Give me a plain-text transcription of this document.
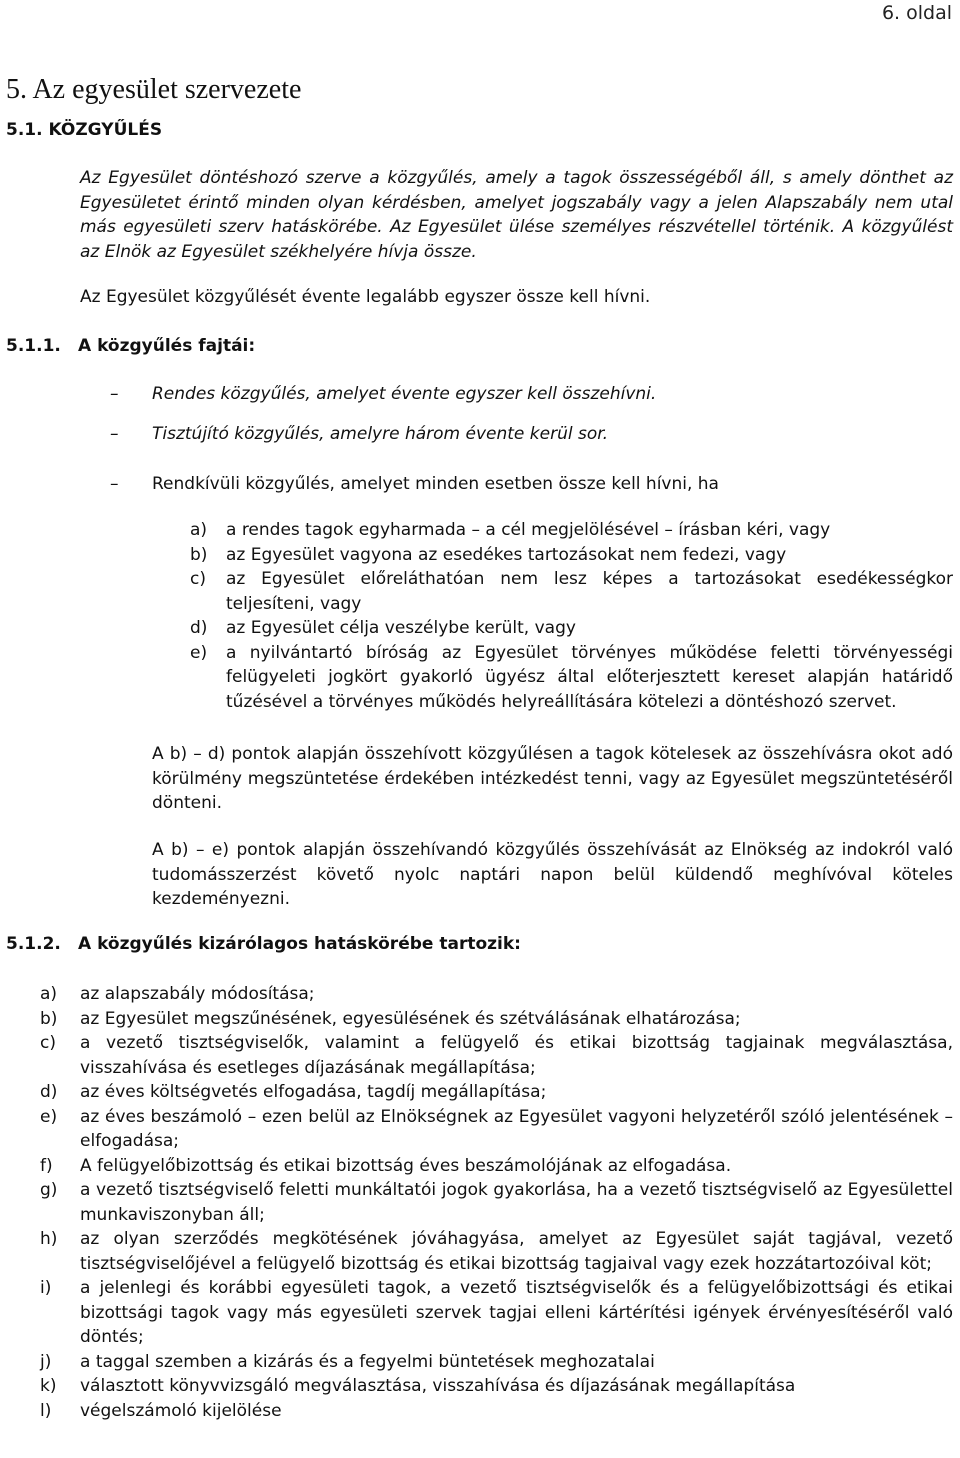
6. oldal
5. Az egyesület szervezete
5.1. KÖZGYŰLÉS

Az Egyesület döntéshozó szerve a közgyűlés, amely a tagok összességéből áll, s amely dönthet az Egyesületet érintő minden olyan kérdésben, amelyet jogszabály vagy a jelen Alapszabály nem utal más egyesületi szerv hatáskörébe. Az Egyesület ülése személyes részvétellel történik. A közgyűlést az Elnök az Egyesület székhelyére hívja össze.

Az Egyesület közgyűlését évente legalább egyszer össze kell hívni.

5.1.1. A közgyűlés fajtái:
–	Rendes közgyűlés, amelyet évente egyszer kell összehívni.
–	Tisztújító közgyűlés, amelyre három évente kerül sor.
–	Rendkívüli közgyűlés, amelyet minden esetben össze kell hívni, ha
a) a rendes tagok egyharmada – a cél megjelölésével – írásban kéri, vagy
b) az Egyesület vagyona az esedékes tartozásokat nem fedezi, vagy
c) az Egyesület előreláthatóan nem lesz képes a tartozásokat esedékességkor teljesíteni, vagy
d) az Egyesület célja veszélybe került, vagy
e) a nyilvántartó bíróság az Egyesület törvényes működése feletti törvényességi felügyeleti jogkört gyakorló ügyész által előterjesztett kereset alapján határidő tűzésével a törvényes működés helyreállítására kötelezi a döntéshozó szervet.

A b) – d) pontok alapján összehívott közgyűlésen a tagok kötelesek az összehívásra okot adó körülmény megszüntetése érdekében intézkedést tenni, vagy az Egyesület megszüntetéséről dönteni.

A b) – e) pontok alapján összehívandó közgyűlés összehívását az Elnökség az indokról való tudomásszerzést követő nyolc naptári napon belül küldendő meghívóval köteles kezdeményezni.

5.1.2. A közgyűlés kizárólagos hatáskörébe tartozik:
a) az alapszabály módosítása;
b) az Egyesület megszűnésének, egyesülésének és szétválásának elhatározása;
c) a vezető tisztségviselők, valamint a felügyelő és etikai bizottság tagjainak megválasztása, visszahívása és esetleges díjazásának megállapítása;
d) az éves költségvetés elfogadása, tagdíj megállapítása;
e) az éves beszámoló – ezen belül az Elnökségnek az Egyesület vagyoni helyzetéről szóló jelentésének – elfogadása;
f) A felügyelőbizottság és etikai bizottság éves beszámolójának az elfogadása.
g) a vezető tisztségviselő feletti munkáltatói jogok gyakorlása, ha a vezető tisztségviselő az Egyesülettel munkaviszonyban áll;
h) az olyan szerződés megkötésének jóváhagyása, amelyet az Egyesület saját tagjával, vezető tisztségviselőjével a felügyelő bizottság és etikai bizottság tagjaival vagy ezek hozzátartozóival köt;
i) a jelenlegi és korábbi egyesületi tagok, a vezető tisztségviselők és a felügyelőbizottsági és etikai bizottsági tagok vagy más egyesületi szervek tagjai elleni kártérítési igények érvényesítéséről való döntés;
j) a taggal szemben a kizárás és a fegyelmi büntetések meghozatalai
k) választott könyvvizsgáló megválasztása, visszahívása és díjazásának megállapítása
l) végelszámoló kijelölése
